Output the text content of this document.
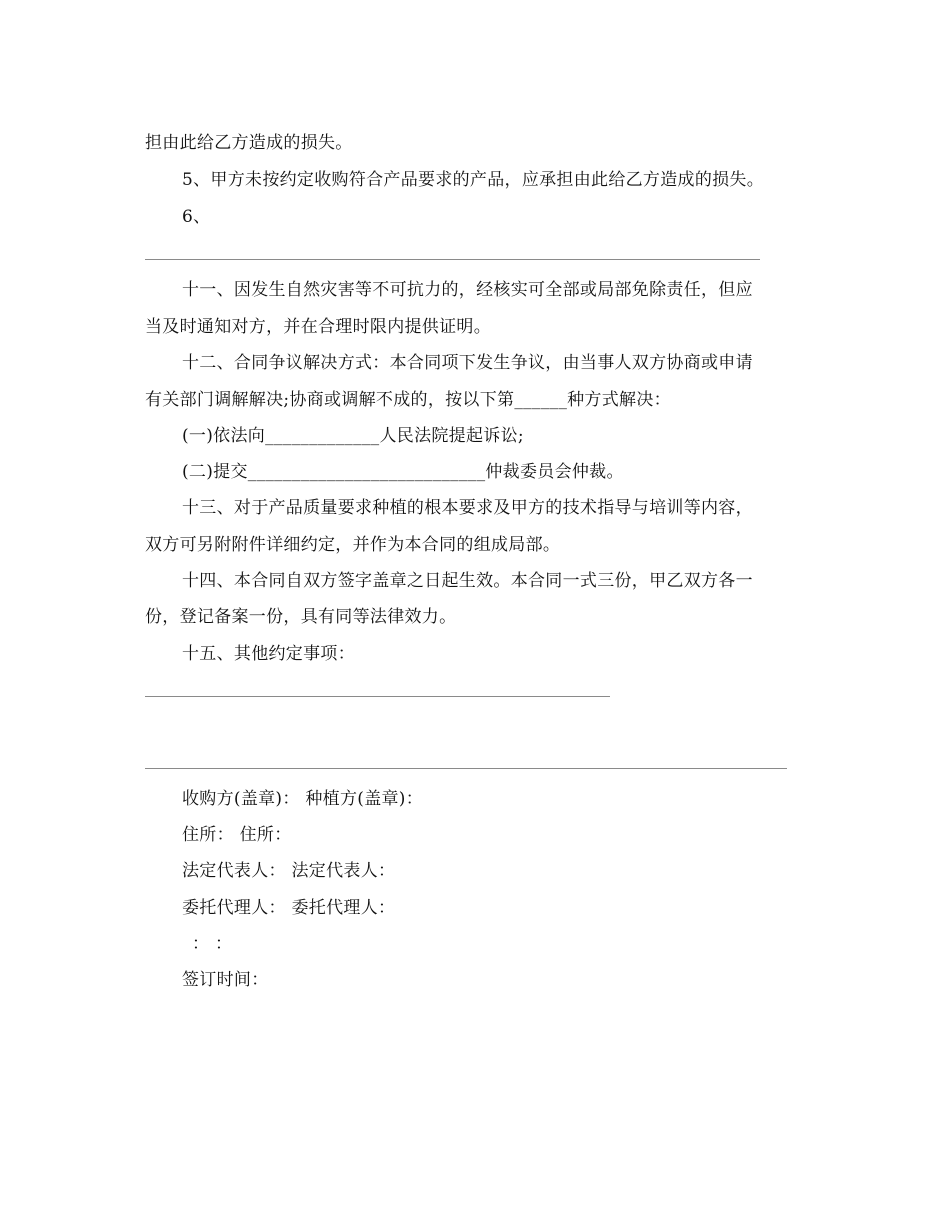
担由此给乙方造成的损失。
5、甲方未按约定收购符合产品要求的产品，应承担由此给乙方造成的损失。
6、
十一、因发生自然灾害等不可抗力的，经核实可全部或局部免除责任，但应
当及时通知对方，并在合理时限内提供证明。
十二、合同争议解决方式：本合同项下发生争议，由当事人双方协商或申请
有关部门调解解决;协商或调解不成的，按以下第______种方式解决：
(一)依法向_____________人民法院提起诉讼;
(二)提交___________________________仲裁委员会仲裁。
十三、对于产品质量要求种植的根本要求及甲方的技术指导与培训等内容，
双方可另附附件详细约定，并作为本合同的组成局部。
十四、本合同自双方签字盖章之日起生效。本合同一式三份，甲乙双方各一
份，登记备案一份，具有同等法律效力。
十五、其他约定事项：
收购方(盖章)： 种植方(盖章)：
住所： 住所：
法定代表人： 法定代表人：
委托代理人： 委托代理人：
： ：
签订时间：
